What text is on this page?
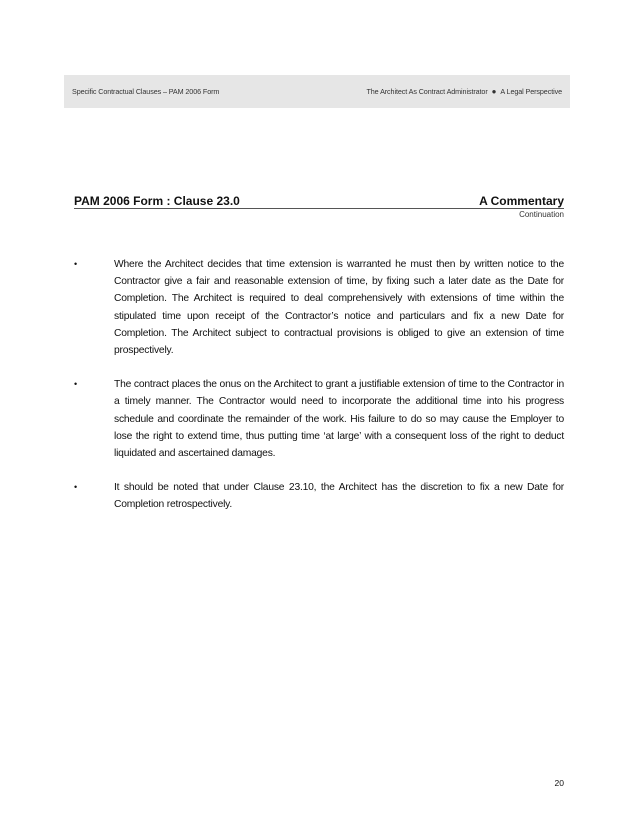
Specific Contractual Clauses – PAM 2006 Form	The Architect As Contract Administrator ● A Legal Perspective
PAM 2006 Form : Clause 23.0	A Commentary
Continuation
•	Where the Architect decides that time extension is warranted he must then by written notice to the Contractor give a fair and reasonable extension of time, by fixing such a later date as the Date for Completion. The Architect is required to deal comprehensively with extensions of time within the stipulated time upon receipt of the Contractor’s notice and particulars and fix a new Date for Completion. The Architect subject to contractual provisions is obliged to give an extension of time prospectively.
•	The contract places the onus on the Architect to grant a justifiable extension of time to the Contractor in a timely manner. The Contractor would need to incorporate the additional time into his progress schedule and coordinate the remainder of the work. His failure to do so may cause the Employer to lose the right to extend time, thus putting time ‘at large’ with a consequent loss of the right to deduct liquidated and ascertained damages.
•	It should be noted that under Clause 23.10, the Architect has the discretion to fix a new Date for Completion retrospectively.
20
